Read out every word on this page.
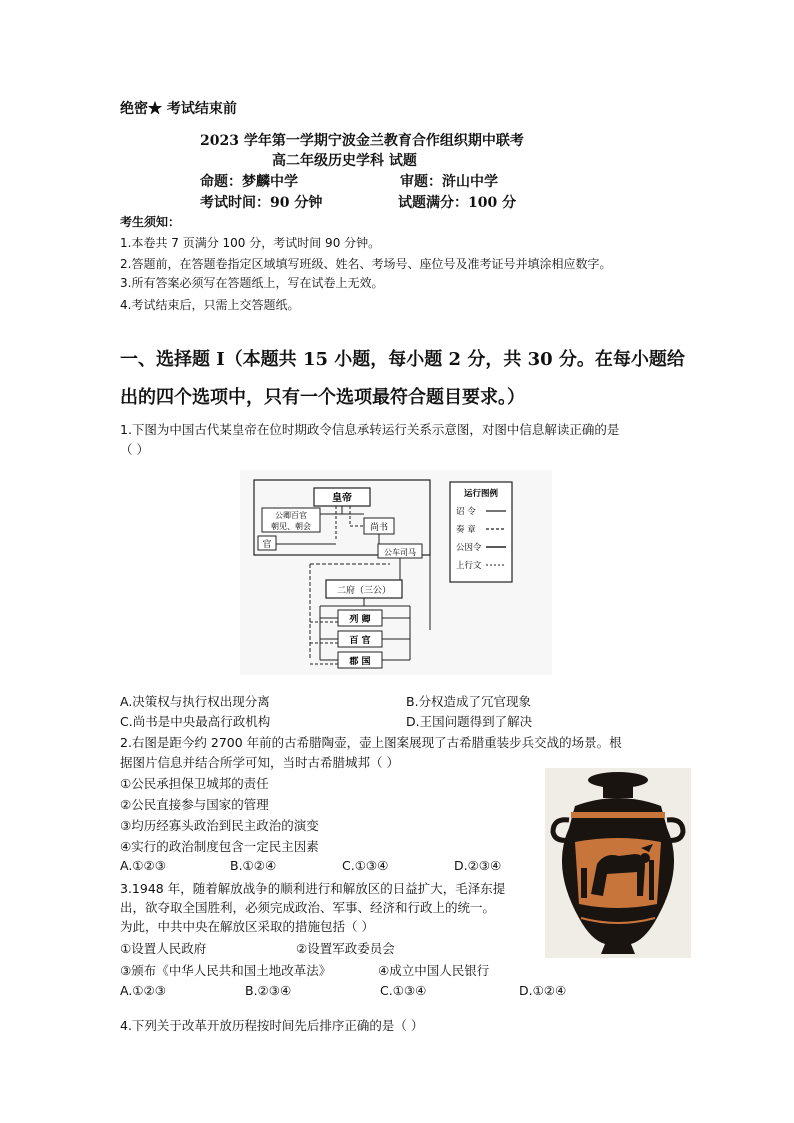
绝密★ 考试结束前
2023 学年第一学期宁波金兰教育合作组织期中联考
高二年级历史学科 试题
命题：梦麟中学	审题：浒山中学
考试时间：90 分钟	试题满分：100 分
考生须知：
1.本卷共 7 页满分 100 分，考试时间 90 分钟。
2.答题前，在答题卷指定区域填写班级、姓名、考场号、座位号及准考证号并填涂相应数字。
3.所有答案必须写在答题纸上，写在试卷上无效。
4.考试结束后，只需上交答题纸。
一、选择题 I（本题共 15 小题，每小题 2 分，共 30 分。在每小题给
出的四个选项中，只有一个选项最符合题目要求。）
1.下图为中国古代某皇帝在位时期政令信息承转运行关系示意图，对图中信息解读正确的是
（ ）
皇帝
公卿百官
朝见、朝会
官
尚书
公车司马
二府（三公）
列 卿
百 官
郡 国
运行图例
诏 令
奏 章
公因令
上行文
A.决策权与执行权出现分离	B.分权造成了冗官现象
C.尚书是中央最高行政机构	D.王国问题得到了解决
2.右图是距今约 2700 年前的古希腊陶壶，壶上图案展现了古希腊重装步兵交战的场景。根
据图片信息并结合所学可知，当时古希腊城邦（ ）
①公民承担保卫城邦的责任
②公民直接参与国家的管理
③均历经寡头政治到民主政治的演变
④实行的政治制度包含一定民主因素
A.①②③	B.①②④	C.①③④	D.②③④
3.1948 年，随着解放战争的顺利进行和解放区的日益扩大，毛泽东提
出，欲夺取全国胜利，必须完成政治、军事、经济和行政上的统一。
为此，中共中央在解放区采取的措施包括（ ）
①设置人民政府	②设置军政委员会
③颁布《中华人民共和国土地改革法》	④成立中国人民银行
A.①②③	B.②③④	C.①③④	D.①②④
4.下列关于改革开放历程按时间先后排序正确的是（ ）
